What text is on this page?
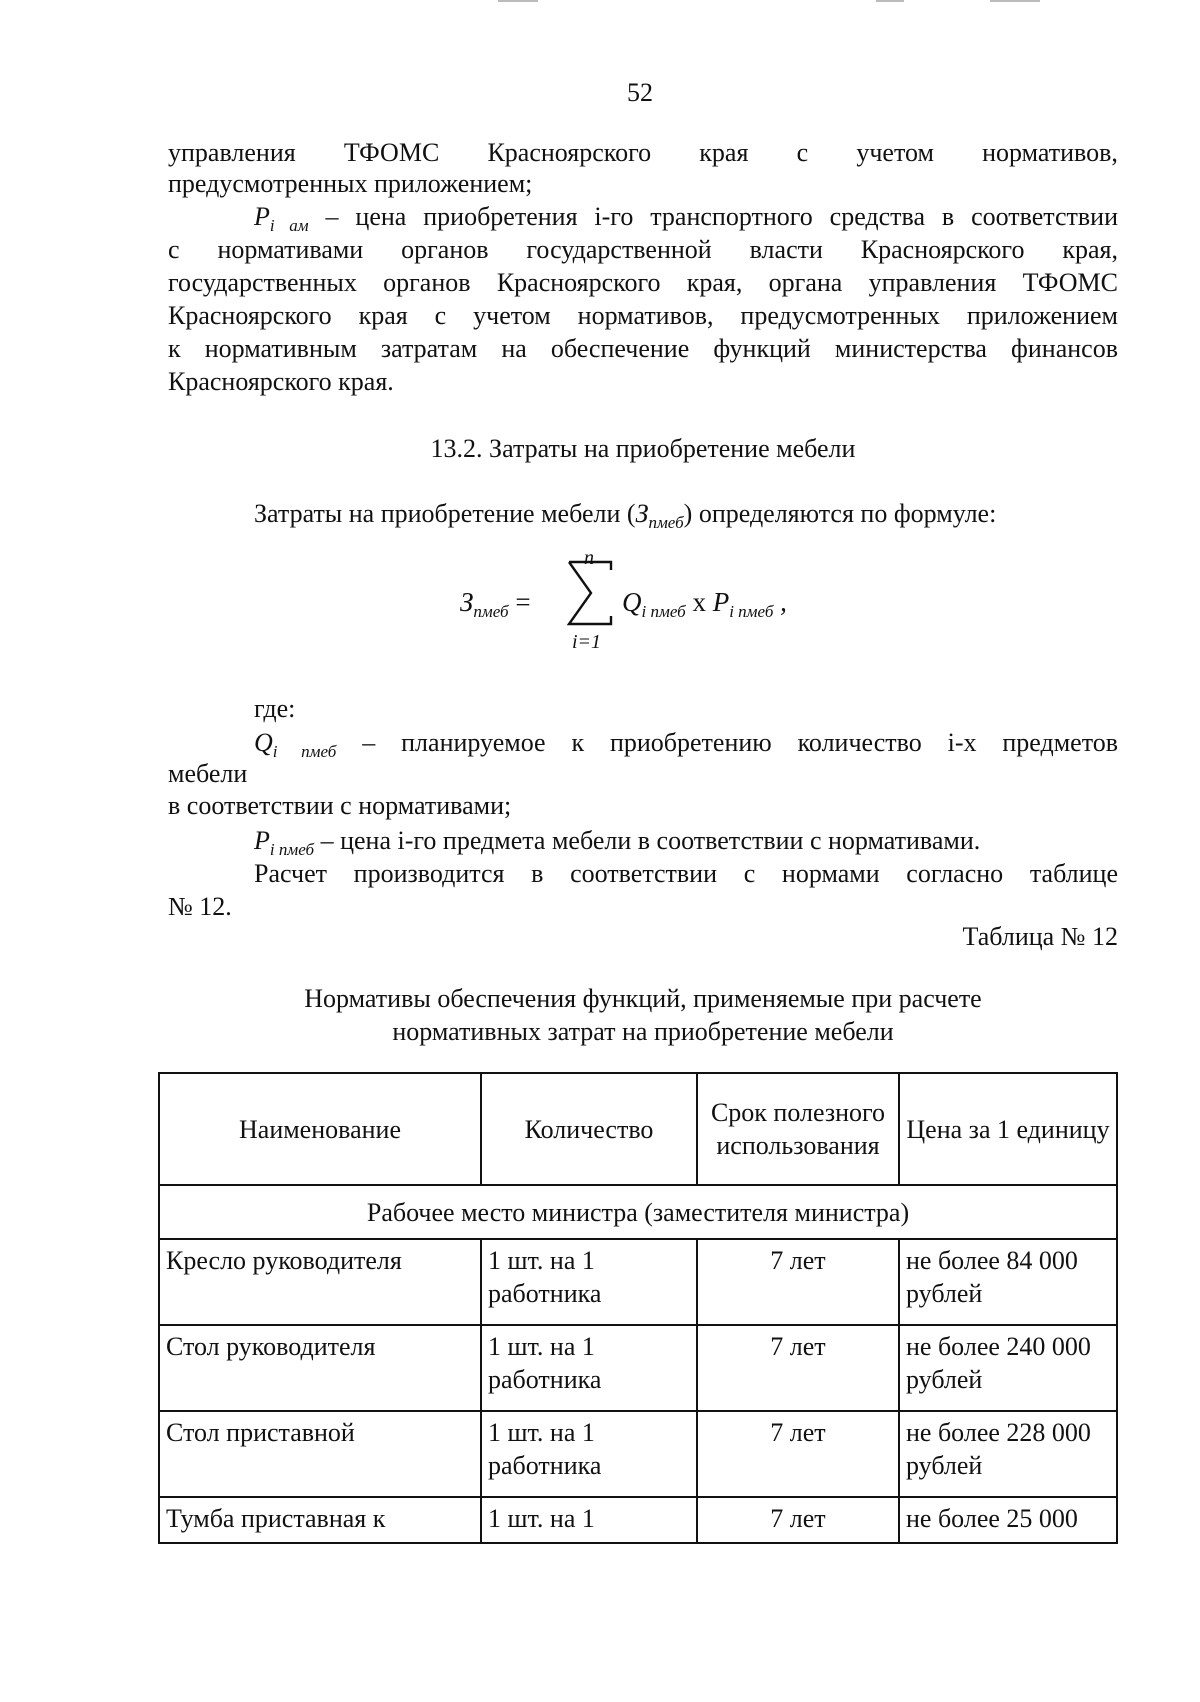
52
управления ТФОМС Красноярского края с учетом нормативов,
предусмотренных приложением;
$P_{i ам}$ – цена приобретения i-го транспортного средства в соответствии
с нормативами органов государственной власти Красноярского края,
государственных органов Красноярского края, органа управления ТФОМС
Красноярского края с учетом нормативов, предусмотренных приложением
к нормативным затратам на обеспечение функций министерства финансов
Красноярского края.
13.2. Затраты на приобретение мебели
Затраты на приобретение мебели $(З_{пмеб})$ определяются по формуле:
$З_{пмеб}$ =
n
i=1
$Q_{i пмеб}$ x $P_{i пмеб}$ ,
где:
$Q_{i пмеб}$ – планируемое к приобретению количество i-х предметов
мебели
в соответствии с нормативами;
$P_{i пмеб}$ – цена i-го предмета мебели в соответствии с нормативами.
Расчет производится в соответствии с нормами согласно таблице
№ 12.
Таблица № 12
Нормативы обеспечения функций, применяемые при расчете
нормативных затрат на приобретение мебели
Наименование	Количество	Срок полезного использования	Цена за 1 единицу
Рабочее место министра (заместителя министра)			
Кресло руководителя	1 шт. на 1 работника	7 лет	не более 84 000 рублей
Стол руководителя	1 шт. на 1 работника	7 лет	не более 240 000 рублей
Стол приставной	1 шт. на 1 работника	7 лет	не более 228 000 рублей
Тумба приставная к	1 шт. на 1	7 лет	не более 25 000
